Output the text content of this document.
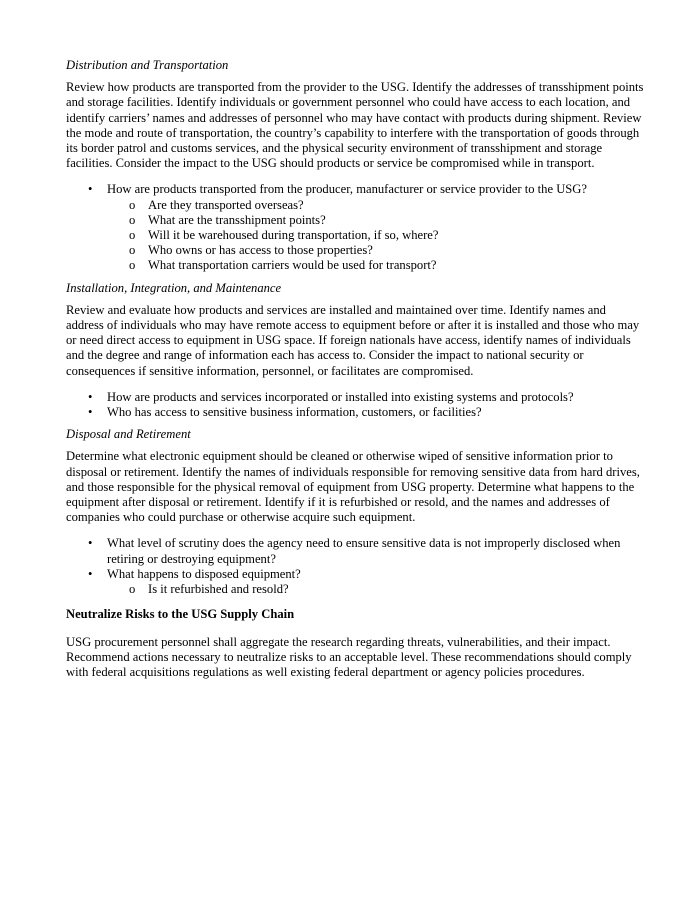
Distribution and Transportation
Review how products are transported from the provider to the USG. Identify the addresses of transshipment points and storage facilities. Identify individuals or government personnel who could have access to each location, and identify carriers’ names and addresses of personnel who may have contact with products during shipment. Review the mode and route of transportation, the country’s capability to interfere with the transportation of goods through its border patrol and customs services, and the physical security environment of transshipment and storage facilities. Consider the impact to the USG should products or service be compromised while in transport.
• How are products transported from the producer, manufacturer or service provider to the USG?
o Are they transported overseas?
o What are the transshipment points?
o Will it be warehoused during transportation, if so, where?
o Who owns or has access to those properties?
o What transportation carriers would be used for transport?
Installation, Integration, and Maintenance
Review and evaluate how products and services are installed and maintained over time. Identify names and address of individuals who may have remote access to equipment before or after it is installed and those who may or need direct access to equipment in USG space. If foreign nationals have access, identify names of individuals and the degree and range of information each has access to. Consider the impact to national security or consequences if sensitive information, personnel, or facilitates are compromised.
• How are products and services incorporated or installed into existing systems and protocols?
• Who has access to sensitive business information, customers, or facilities?
Disposal and Retirement
Determine what electronic equipment should be cleaned or otherwise wiped of sensitive information prior to disposal or retirement. Identify the names of individuals responsible for removing sensitive data from hard drives, and those responsible for the physical removal of equipment from USG property. Determine what happens to the equipment after disposal or retirement. Identify if it is refurbished or resold, and the names and addresses of companies who could purchase or otherwise acquire such equipment.
• What level of scrutiny does the agency need to ensure sensitive data is not improperly disclosed when retiring or destroying equipment?
• What happens to disposed equipment?
o Is it refurbished and resold?
Neutralize Risks to the USG Supply Chain
USG procurement personnel shall aggregate the research regarding threats, vulnerabilities, and their impact. Recommend actions necessary to neutralize risks to an acceptable level. These recommendations should comply with federal acquisitions regulations as well existing federal department or agency policies procedures.
